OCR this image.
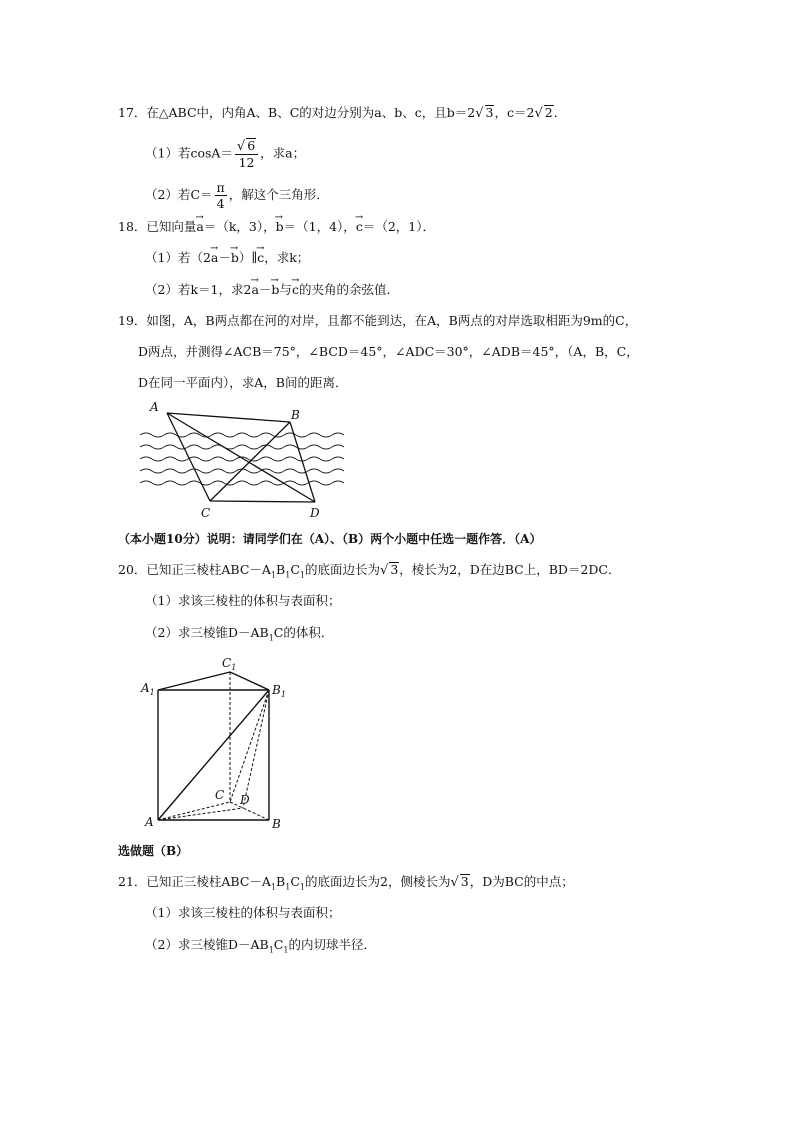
17．在△ABC中，内角A、B、C的对边分别为a、b、c，且b＝2√ 3，c＝2√ 2．
（1）若$\cos A= \frac{√ 6}{12}$ ，求a；
（2）若$C= \frac{\pi}{4}$ ，解这个三角形．
18．已知向量→ a＝（k，3），→ b＝（1，4），→ c＝（2，1）．
（1）若（2→ a－→ b）∥→ c，求k；
（2）若k＝1，求2→ a－→ b与→ c的夹角的余弦值．
19．如图，A，B两点都在河的对岸，且都不能到达，在A，B两点的对岸选取相距为9m的C，
D两点，并测得∠ACB＝75°，∠BCD＝45°，∠ADC＝30°，∠ADB＝45°，（A，B，C，
D在同一平面内），求A，B间的距离．
A
B
C	D
（本小题10分）说明：请同学们在（A）、（B）两个小题中任选一题作答．（A）
20．已知正三棱柱$ABC-A_1B_1C_1$的底面边长为√ 3，棱长为2，D在边BC上，BD＝2DC．
（1）求该三棱柱的体积与表面积；
（2）求三棱锥$D-AB_1C$的体积．
$A_1$
$C_1$
$B_1$
C D
A	B
选做题（B）
21．已知正三棱柱$ABC-A_1B_1C_1$的底面边长为2，侧棱长为√ 3，D为BC的中点；
（1）求该三棱柱的体积与表面积；
（2）求三棱锥$D-AB_1C_1$的内切球半径．
